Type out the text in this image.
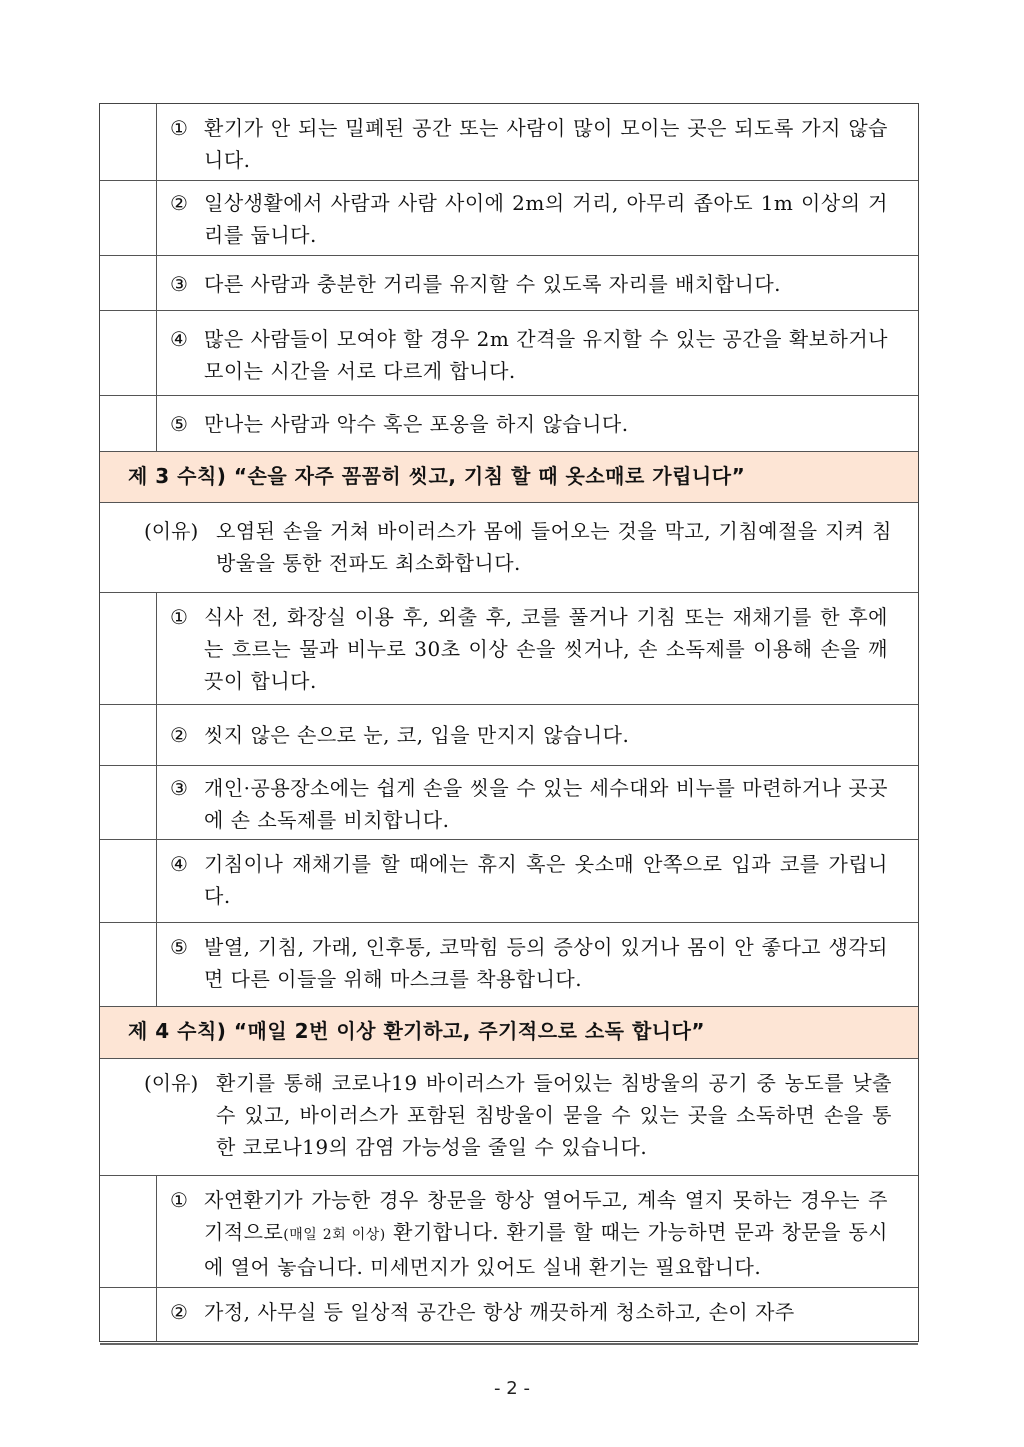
① 환기가 안 되는 밀폐된 공간 또는 사람이 많이 모이는 곳은 되도록 가지 않습니다.
② 일상생활에서 사람과 사람 사이에 2m의 거리, 아무리 좁아도 1m 이상의 거리를 둡니다.
③ 다른 사람과 충분한 거리를 유지할 수 있도록 자리를 배치합니다.
④ 많은 사람들이 모여야 할 경우 2m 간격을 유지할 수 있는 공간을 확보하거나 모이는 시간을 서로 다르게 합니다.
⑤ 만나는 사람과 악수 혹은 포옹을 하지 않습니다.
제 3 수칙) “손을 자주 꼼꼼히 씻고, 기침 할 때 옷소매로 가립니다”
(이유) 오염된 손을 거쳐 바이러스가 몸에 들어오는 것을 막고, 기침예절을 지켜 침방울을 통한 전파도 최소화합니다.
① 식사 전, 화장실 이용 후, 외출 후, 코를 풀거나 기침 또는 재채기를 한 후에는 흐르는 물과 비누로 30초 이상 손을 씻거나, 손 소독제를 이용해 손을 깨끗이 합니다.
② 씻지 않은 손으로 눈, 코, 입을 만지지 않습니다.
③ 개인·공용장소에는 쉽게 손을 씻을 수 있는 세수대와 비누를 마련하거나 곳곳에 손 소독제를 비치합니다.
④ 기침이나 재채기를 할 때에는 휴지 혹은 옷소매 안쪽으로 입과 코를 가립니다.
⑤ 발열, 기침, 가래, 인후통, 코막힘 등의 증상이 있거나 몸이 안 좋다고 생각되면 다른 이들을 위해 마스크를 착용합니다.
제 4 수칙) “매일 2번 이상 환기하고, 주기적으로 소독 합니다”
(이유) 환기를 통해 코로나19 바이러스가 들어있는 침방울의 공기 중 농도를 낮출 수 있고, 바이러스가 포함된 침방울이 묻을 수 있는 곳을 소독하면 손을 통한 코로나19의 감염 가능성을 줄일 수 있습니다.
① 자연환기가 가능한 경우 창문을 항상 열어두고, 계속 열지 못하는 경우는 주기적으로(매일 2회 이상) 환기합니다. 환기를 할 때는 가능하면 문과 창문을 동시에 열어 놓습니다. 미세먼지가 있어도 실내 환기는 필요합니다.
② 가정, 사무실 등 일상적 공간은 항상 깨끗하게 청소하고, 손이 자주
- 2 -
